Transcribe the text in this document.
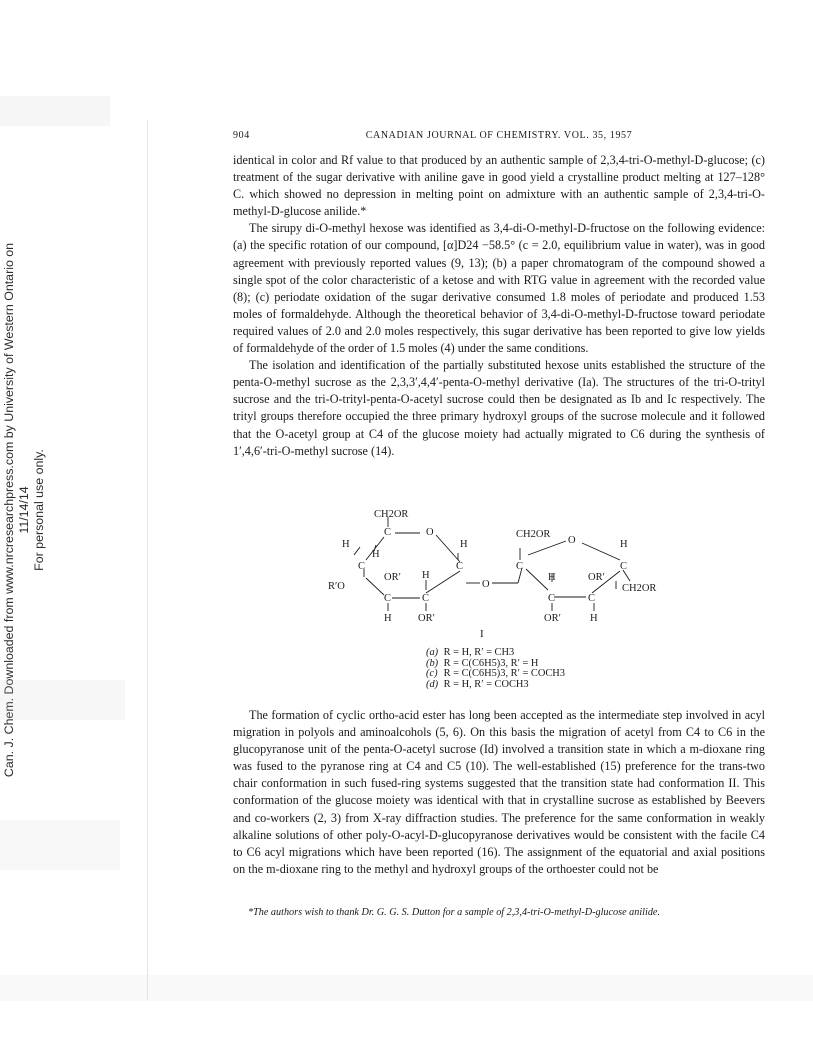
Can. J. Chem. Downloaded from www.nrcresearchpress.com by University of Western Ontario on 11/14/14 For personal use only.
904	CANADIAN JOURNAL OF CHEMISTRY. VOL. 35, 1957

identical in color and Rf value to that produced by an authentic sample of 2,3,4-tri-O-methyl-D-glucose; (c) treatment of the sugar derivative with aniline gave in good yield a crystalline product melting at 127–128° C. which showed no depression in melting point on admixture with an authentic sample of 2,3,4-tri-O-methyl-D-glucose anilide.*

The sirupy di-O-methyl hexose was identified as 3,4-di-O-methyl-D-fructose on the following evidence: (a) the specific rotation of our compound, [α]D24 −58.5° (c = 2.0, equilibrium value in water), was in good agreement with previously reported values (9, 13); (b) a paper chromatogram of the compound showed a single spot of the color characteristic of a ketose and with RTG value in agreement with the recorded value (8); (c) periodate oxidation of the sugar derivative consumed 1.8 moles of periodate and produced 1.53 moles of formaldehyde. Although the theoretical behavior of 3,4-di-O-methyl-D-fructose toward periodate required values of 2.0 and 2.0 moles respectively, this sugar derivative has been reported to give low yields of formaldehyde of the order of 1.5 moles (4) under the same conditions.

The isolation and identification of the partially substituted hexose units established the structure of the penta-O-methyl sucrose as the 2,3,3′,4,4′-penta-O-methyl derivative (Ia). The structures of the tri-O-trityl sucrose and the tri-O-trityl-penta-O-acetyl sucrose could then be designated as Ib and Ic respectively. The trityl groups therefore occupied the three primary hydroxyl groups of the sucrose molecule and it followed that the O-acetyl group at C4 of the glucose moiety had actually migrated to C6 during the synthesis of 1′,4,6′-tri-O-methyl sucrose (14).

CH2OR
C	O
H
H
H
C	C
OR′ H
R′O
C	C
H	OR′
O
CH2OR
O
C
H
C
H	OR′
CH2OR
C	C
OR′	H
I
(a) R = H, R′ = CH3
(b) R = C(C6H5)3, R′ = H
(c) R = C(C6H5)3, R′ = COCH3
(d) R = H, R′ = COCH3

The formation of cyclic ortho-acid ester has long been accepted as the intermediate step involved in acyl migration in polyols and aminoalcohols (5, 6). On this basis the migration of acetyl from C4 to C6 in the glucopyranose unit of the penta-O-acetyl sucrose (Id) involved a transition state in which a m-dioxane ring was fused to the pyranose ring at C4 and C5 (10). The well-established (15) preference for the trans-two chair conformation in such fused-ring systems suggested that the transition state had conformation II. This conformation of the glucose moiety was identical with that in crystalline sucrose as established by Beevers and co-workers (2, 3) from X-ray diffraction studies. The preference for the same conformation in weakly alkaline solutions of other poly-O-acyl-D-glucopyranose derivatives would be consistent with the facile C4 to C6 acyl migrations which have been reported (16). The assignment of the equatorial and axial positions on the m-dioxane ring to the methyl and hydroxyl groups of the orthoester could not be

*The authors wish to thank Dr. G. G. S. Dutton for a sample of 2,3,4-tri-O-methyl-D-glucose anilide.
